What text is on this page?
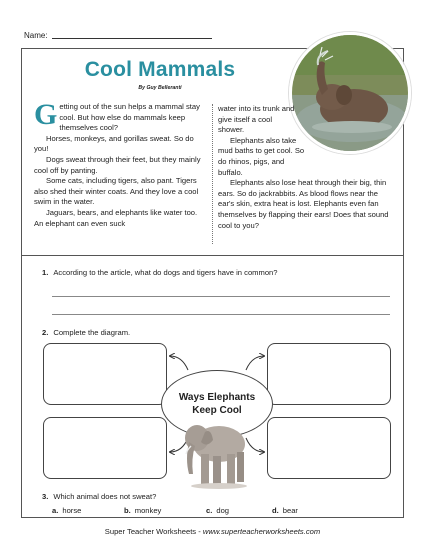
Name:
Cool Mammals
By Guy Belleranti

Getting out of the sun helps a mammal stay cool. But how else do mammals keep themselves cool?

Horses, monkeys, and gorillas sweat. So do you!

Dogs sweat through their feet, but they mainly cool off by panting.

Some cats, including tigers, also pant. Tigers also shed their winter coats. And they love a cool swim in the water.

Jaguars, bears, and elephants like water too. An elephant can even suck

water into its trunk and give itself a cool shower.

Elephants also take mud baths to get cool. So do rhinos, pigs, and buffalo.

Elephants also lose heat through their big, thin ears. So do jackrabbits. As blood flows near the ear's skin, extra heat is lost. Elephants even fan themselves by flapping their ears! Does that sound cool to you?

1. According to the article, what do dogs and tigers have in common?
2. Complete the diagram.
Ways Elephants Keep Cool
3. Which animal does not sweat?
a. horse	b. monkey	c. dog	d. bear
Super Teacher Worksheets - www.superteacherworksheets.com
